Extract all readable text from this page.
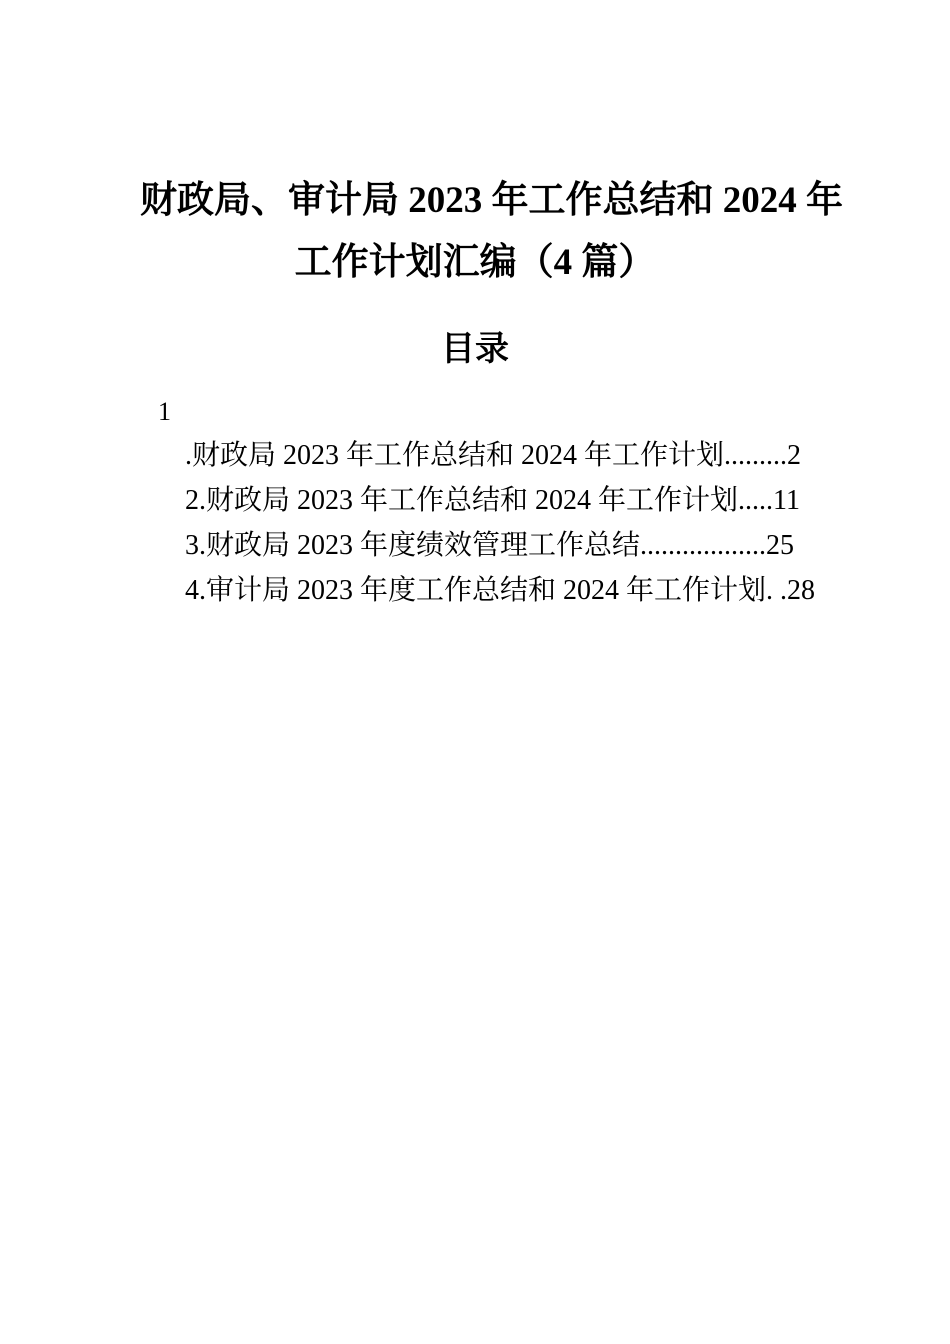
财政局、审计局 2023 年工作总结和 2024 年
工作计划汇编（4 篇）
目录
1
.财政局 2023 年工作总结和 2024 年工作计划.........2
2.财政局 2023 年工作总结和 2024 年工作计划.....11
3.财政局 2023 年度绩效管理工作总结..................25
4.审计局 2023 年度工作总结和 2024 年工作计划. .28
